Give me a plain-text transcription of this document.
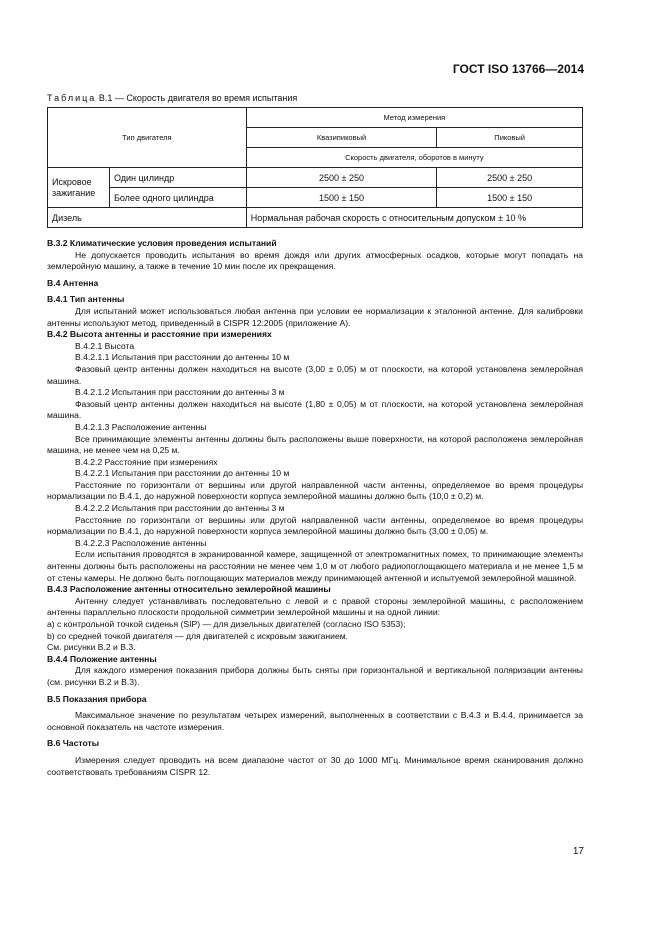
ГОСТ ISO 13766—2014
Таблица В.1 — Скорость двигателя во время испытания
Тип двигателя		Метод измерения	
		Квазипиковый	Пиковый
		Скорость двигателя, оборотов в минуту	
Искровое зажигание	Один цилиндр	2500 ± 250	2500 ± 250
	Более одного цилиндра	1500 ± 150	1500 ± 150
Дизель		Нормальная рабочая скорость с относительным допуском ± 10 %	

В.3.2 Климатические условия проведения испытаний

Не допускается проводить испытания во время дождя или других атмосферных осадков, которые могут попадать на землеройную машину, а также в течение 10 мин после их прекращения.

В.4 Антенна

В.4.1 Тип антенны

Для испытаний может использоваться любая антенна при условии ее нормализации к эталонной антенне. Для калибровки антенны используют метод, приведенный в CISPR 12:2005 (приложение А).

В.4.2 Высота антенны и расстояние при измерениях

В.4.2.1 Высота

В.4.2.1.1 Испытания при расстоянии до антенны 10 м

Фазовый центр антенны должен находиться на высоте (3,00 ± 0,05) м от плоскости, на которой установлена землеройная машина.

В.4.2.1.2 Испытания при расстоянии до антенны 3 м

Фазовый центр антенны должен находиться на высоте (1,80 ± 0,05) м от плоскости, на которой установлена землеройная машина.

В.4.2.1.3 Расположение антенны

Все принимающие элементы антенны должны быть расположены выше поверхности, на которой расположена землеройная машина, не менее чем на 0,25 м.

В.4.2.2 Расстояние при измерениях

В.4.2.2.1 Испытания при расстоянии до антенны 10 м

Расстояние по горизонтали от вершины или другой направленной части антенны, определяемое во время процедуры нормализации по В.4.1, до наружной поверхности корпуса землеройной машины должно быть (10,0 ± 0,2) м.

В.4.2.2.2 Испытания при расстоянии до антенны 3 м

Расстояние по горизонтали от вершины или другой направленной части антенны, определяемое во время процедуры нормализации по В.4.1, до наружной поверхности корпуса землеройной машины должно быть (3,00 ± 0,05) м.

В.4.2.2.3 Расположение антенны

Если испытания проводятся в экранированной камере, защищенной от электромагнитных помех, то принимающие элементы антенны должны быть расположены на расстоянии не менее чем 1,0 м от любого радиопоглощающего материала и не менее 1,5 м от стены камеры. Не должно быть поглощающих материалов между принимающей антенной и испытуемой землеройной машиной.

В.4.3 Расположение антенны относительно землеройной машины

Антенну следует устанавливать последовательно с левой и с правой стороны землеройной машины, с расположением антенны параллельно плоскости продольной симметрии землеройной машины и на одной линии:

a) с контрольной точкой сиденья (SIP) — для дизельных двигателей (согласно ISO 5353);

b) со средней точкой двигателя — для двигателей с искровым зажиганием.

См. рисунки В.2 и В.3.

В.4.4 Положение антенны

Для каждого измерения показания прибора должны быть сняты при горизонтальной и вертикальной поляризации антенны (см. рисунки В.2 и В.3).

В.5 Показания прибора

Максимальное значение по результатам четырех измерений, выполненных в соответствии с В.4.3 и В.4.4, принимается за основной показатель на частоте измерения.

В.6 Частоты

Измерения следует проводить на всем диапазоне частот от 30 до 1000 МГц. Минимальное время сканирования должно соответствовать требованиям CISPR 12.

17
